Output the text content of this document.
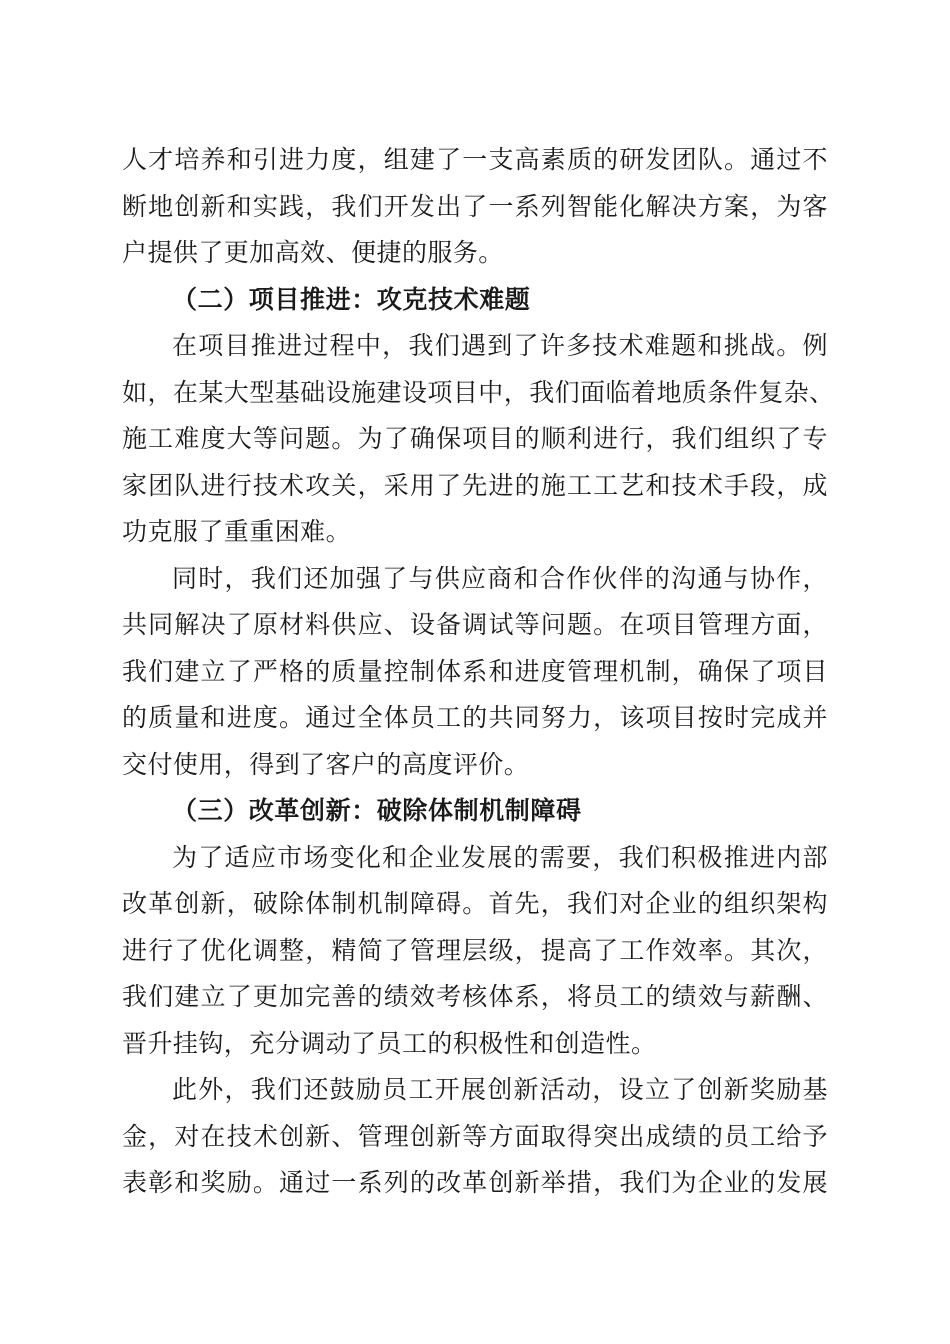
人才培养和引进力度，组建了一支高素质的研发团队。通过不
断地创新和实践，我们开发出了一系列智能化解决方案，为客
户提供了更加高效、便捷的服务。

（二）项目推进：攻克技术难题

在项目推进过程中，我们遇到了许多技术难题和挑战。例
如，在某大型基础设施建设项目中，我们面临着地质条件复杂、
施工难度大等问题。为了确保项目的顺利进行，我们组织了专
家团队进行技术攻关，采用了先进的施工工艺和技术手段，成
功克服了重重困难。

同时，我们还加强了与供应商和合作伙伴的沟通与协作，
共同解决了原材料供应、设备调试等问题。在项目管理方面，
我们建立了严格的质量控制体系和进度管理机制，确保了项目
的质量和进度。通过全体员工的共同努力，该项目按时完成并
交付使用，得到了客户的高度评价。

（三）改革创新：破除体制机制障碍

为了适应市场变化和企业发展的需要，我们积极推进内部
改革创新，破除体制机制障碍。首先，我们对企业的组织架构
进行了优化调整，精简了管理层级，提高了工作效率。其次，
我们建立了更加完善的绩效考核体系，将员工的绩效与薪酬、
晋升挂钩，充分调动了员工的积极性和创造性。

此外，我们还鼓励员工开展创新活动，设立了创新奖励基
金，对在技术创新、管理创新等方面取得突出成绩的员工给予
表彰和奖励。通过一系列的改革创新举措，我们为企业的发展
